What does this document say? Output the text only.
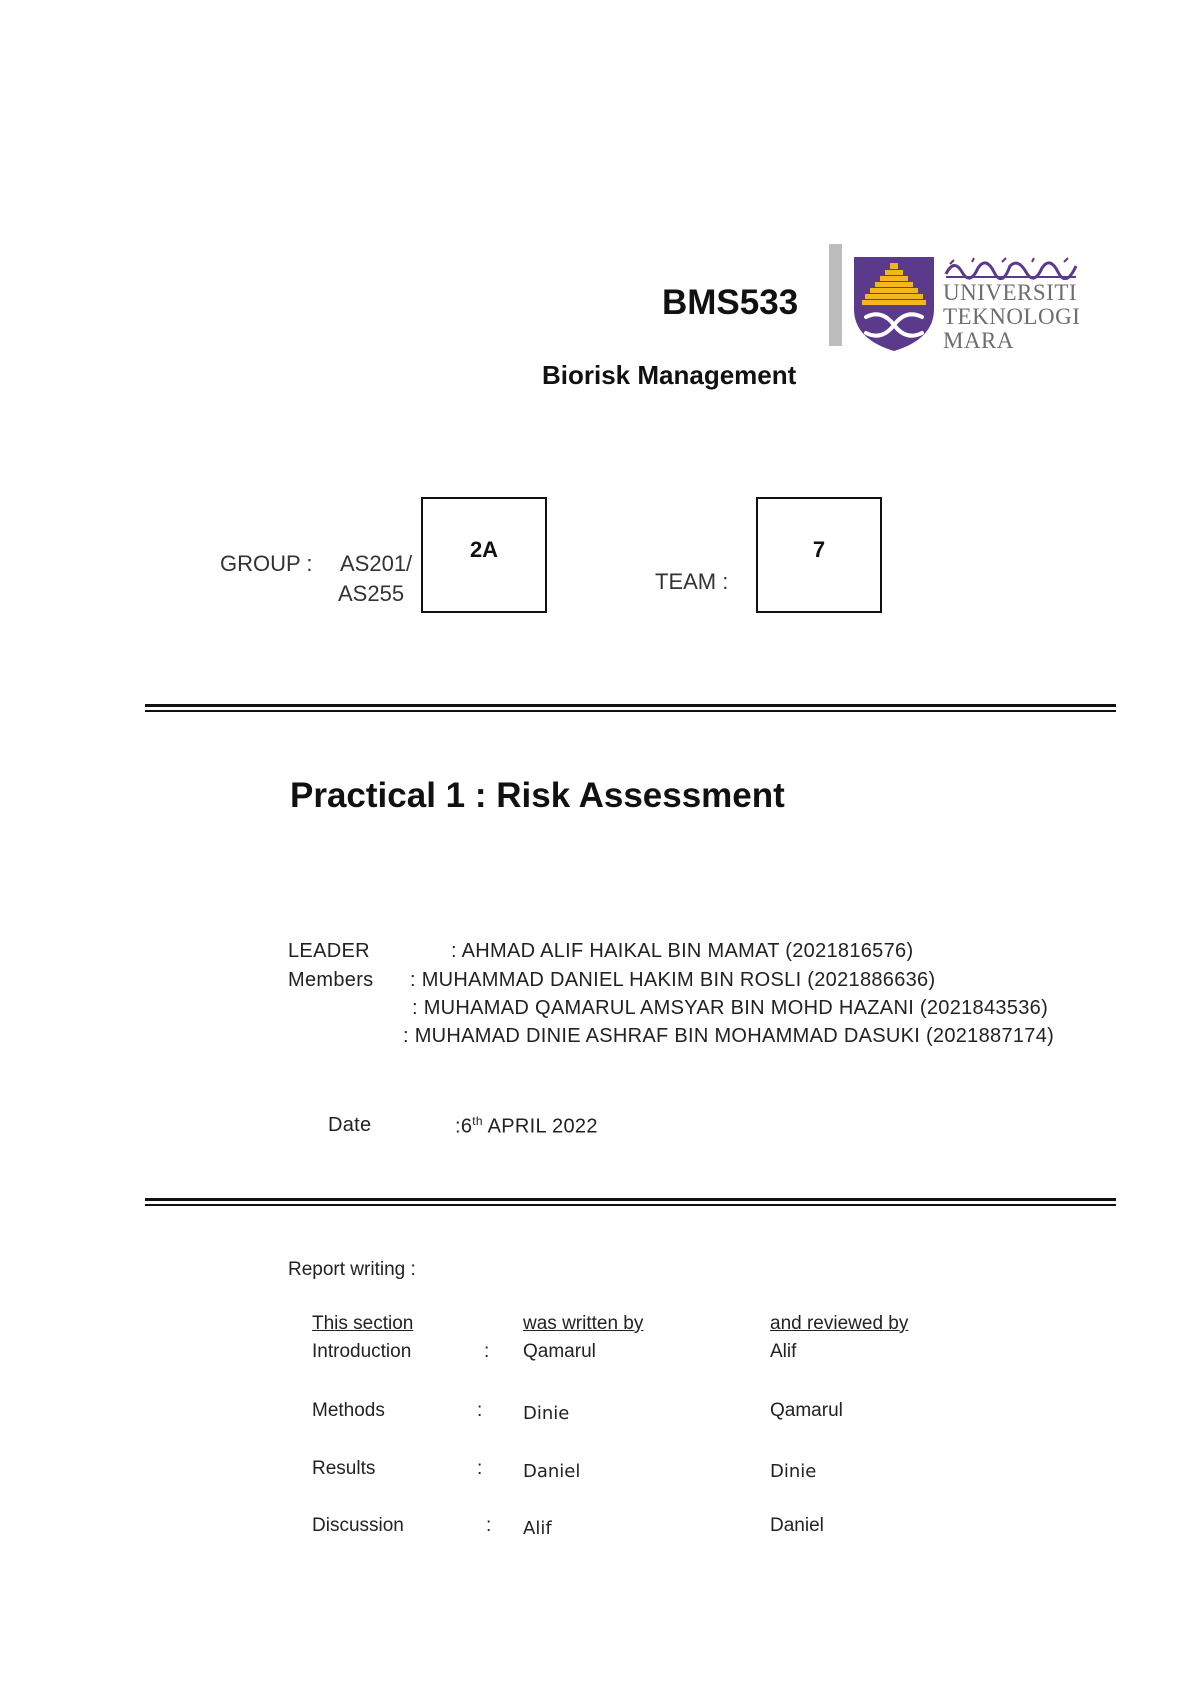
BMS533
Biorisk Management
UNIVERSITI
TEKNOLOGI
MARA
GROUP : AS201/
AS255
2A
TEAM :
7
Practical 1 : Risk Assessment
LEADER	: AHMAD ALIF HAIKAL BIN MAMAT (2021816576)
Members : MUHAMMAD DANIEL HAKIM BIN ROSLI (2021886636)
: MUHAMAD QAMARUL AMSYAR BIN MOHD HAZANI (2021843536)
: MUHAMAD DINIE ASHRAF BIN MOHAMMAD DASUKI (2021887174)
Date	:6th APRIL 2022
Report writing :
This section	was written by	and reviewed by
Introduction	: Qamarul	Alif
Methods	: Dinie	Qamarul
Results	: Daniel	Dinie
Discussion	: Alif	Daniel
